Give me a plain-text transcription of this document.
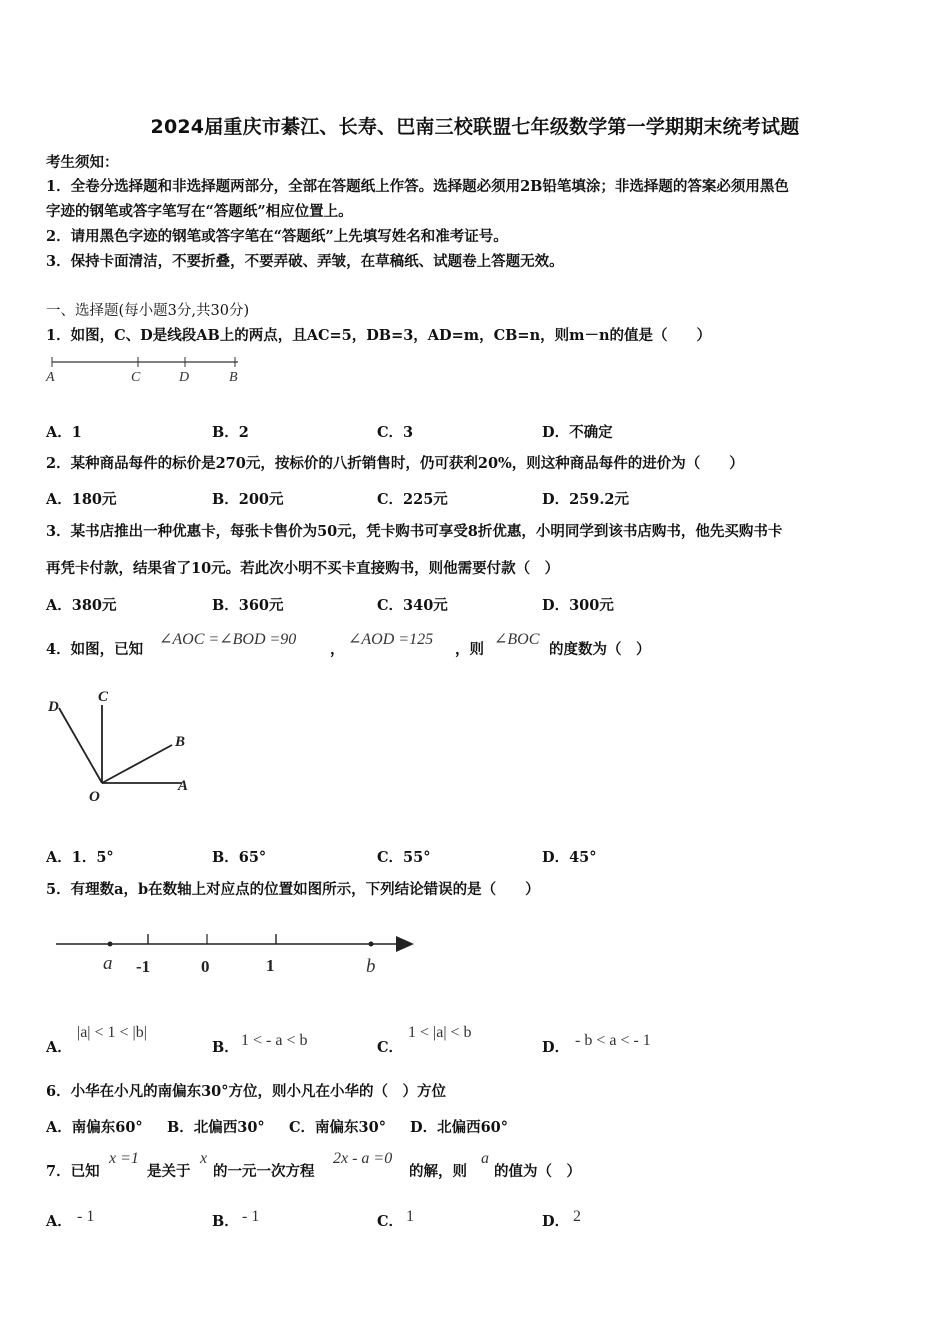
2024届重庆市綦江、长寿、巴南三校联盟七年级数学第一学期期末统考试题
考生须知：
1．全卷分选择题和非选择题两部分，全部在答题纸上作答。选择题必须用2B铅笔填涂；非选择题的答案必须用黑色
字迹的钢笔或答字笔写在“答题纸”相应位置上。
2．请用黑色字迹的钢笔或答字笔在“答题纸”上先填写姓名和准考证号。
3．保持卡面清洁，不要折叠，不要弄破、弄皱，在草稿纸、试题卷上答题无效。
一、选择题(每小题3分,共30分)
1．如图，C、D是线段AB上的两点，且AC=5，DB=3，AD=m，CB=n，则m－n的值是（　　）
A	C	D	B
A．1	B．2	C．3	D．不确定
2．某种商品每件的标价是270元，按标价的八折销售时，仍可获利20%，则这种商品每件的进价为（　　）
A．180元	B．200元	C．225元	D．259.2元
3．某书店推出一种优惠卡，每张卡售价为50元，凭卡购书可享受8折优惠，小明同学到该书店购书，他先买购书卡
再凭卡付款，结果省了10元。若此次小明不买卡直接购书，则他需要付款（　）
A．380元	B．360元	C．340元	D．300元
4．如图，已知
∠AOC =∠BOD =90
，
∠AOD =125
，则
∠BOC
的度数为（　）
D
C
B
A
O
A．1．5°	B．65°	C．55°	D．45°
5．有理数a，b在数轴上对应点的位置如图所示，下列结论错误的是（　　）
a -1	0	1	b
A．
|a| < 1 < |b|
B． 1 < - a < b	C．
1 < |a| < b
D． - b < a < - 1
6．小华在小凡的南偏东30°方位，则小凡在小华的（　）方位
A．南偏东60° B．北偏西30° C．南偏东30° D．北偏西60°
7．已知
x =1
是关于
x
的一元一次方程
2x - a =0
的解，则
a
的值为（　）
A． - 1	B． - 1	C． 1	D． 2
